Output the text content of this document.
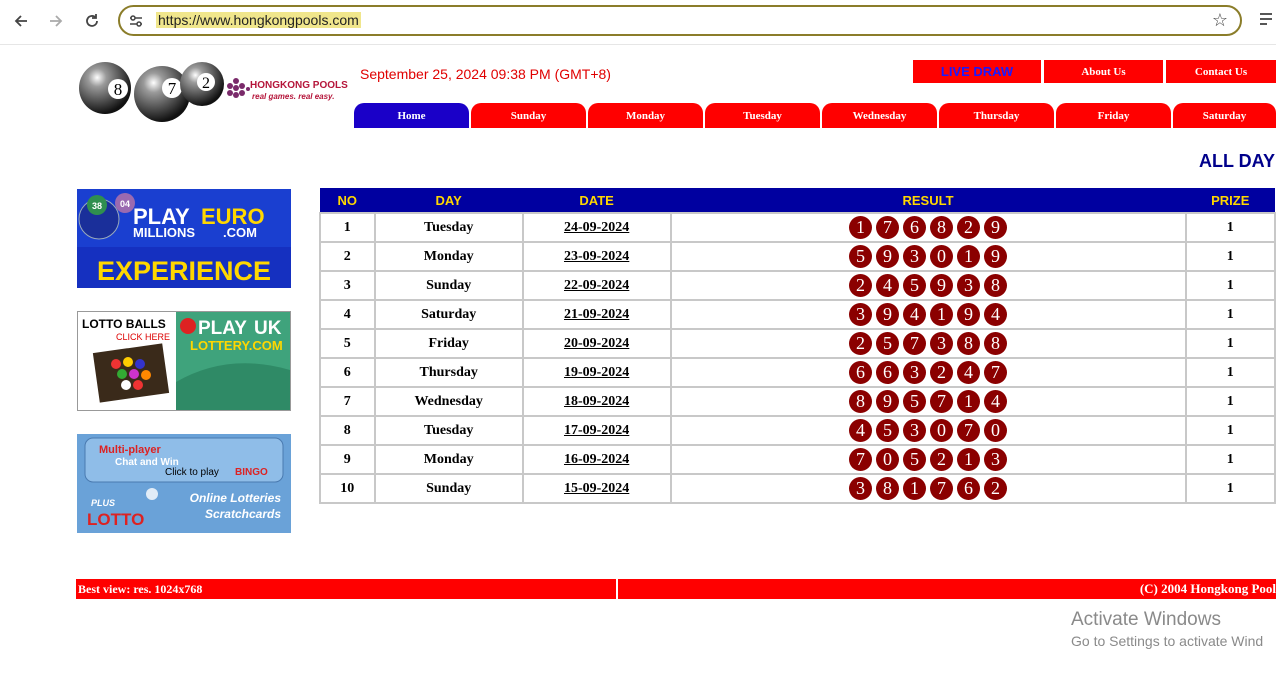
https://www.hongkongpools.com	☆
8	7 2	HONGKONG POOLS
real games. real easy.
September 25, 2024 09:38 PM (GMT+8)	LIVE DRAW	About Us	Contact Us
Home	Sunday	Monday	Tuesday	Wednesday	Thursday	Friday	Saturday
ALL DAY
38 04 PLAY EURO
MILLIONS .COM
EXPERIENCE
LOTTO BALLS
CLICK HERE PLAY UK
LOTTERY.COM
Multi-player
Chat and Win
Click to play BINGO
PLUS
LOTTO
Online Lotteries
Scratchcards
NO	DAY	DATE	RESULT	PRIZE
1	Tuesday	24-09-2024	1 7 6 8 2 9	1
2	Monday	23-09-2024	5 9 3 0 1 9	1
3	Sunday	22-09-2024	2 4 5 9 3 8	1
4	Saturday	21-09-2024	3 9 4 1 9 4	1
5	Friday	20-09-2024	2 5 7 3 8 8	1
6	Thursday	19-09-2024	6 6 3 2 4 7	1
7	Wednesday	18-09-2024	8 9 5 7 1 4	1
8	Tuesday	17-09-2024	4 5 3 0 7 0	1
9	Monday	16-09-2024	7 0 5 2 1 3	1
10	Sunday	15-09-2024	3 8 1 7 6 2	1
Best view: res. 1024x768	(C) 2004 Hongkong Pool
Activate Windows
Go to Settings to activate Wind
